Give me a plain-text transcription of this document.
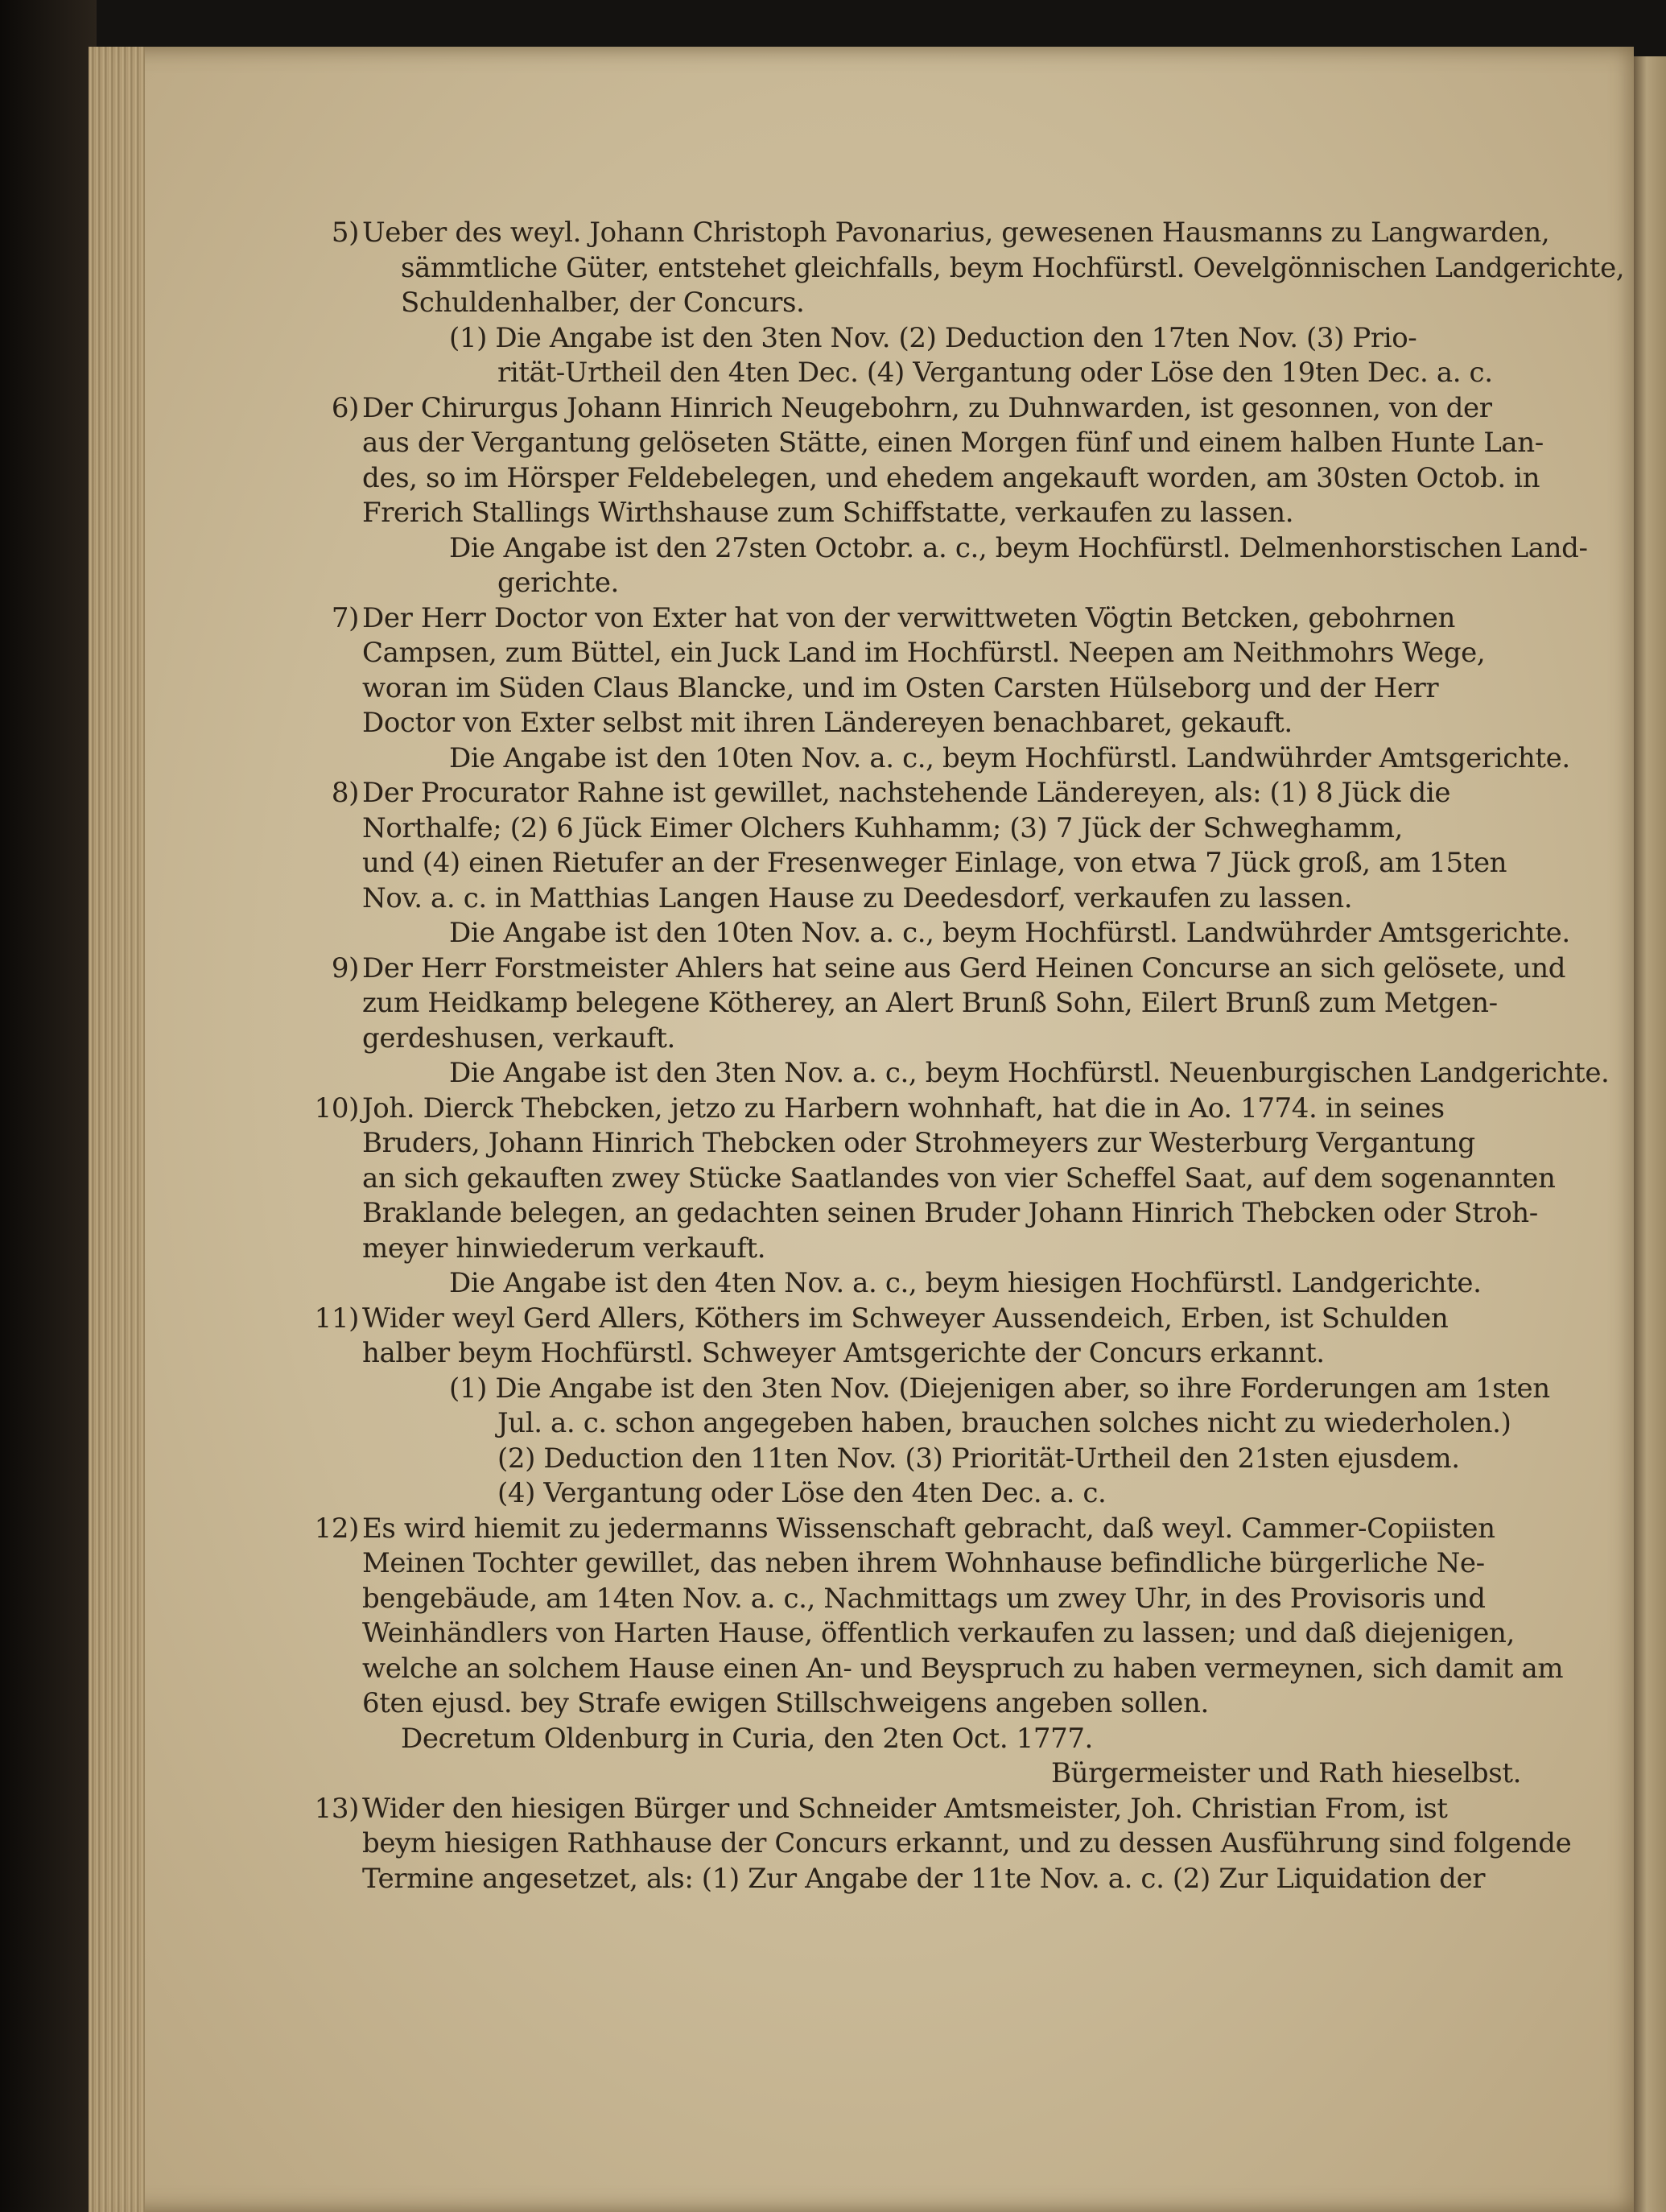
5) Ueber des weyl. Johann Christoph Pavonarius, gewesenen Hausmanns zu Langwarden,
sämmtliche Güter, entstehet gleichfalls, beym Hochfürstl. Oevelgönnischen Landgerichte,
Schuldenhalber, der Concurs.
(1) Die Angabe ist den 3ten Nov. (2) Deduction den 17ten Nov. (3) Prio-
rität-Urtheil den 4ten Dec. (4) Vergantung oder Löse den 19ten Dec. a. c.
6) Der Chirurgus Johann Hinrich Neugebohrn, zu Duhnwarden, ist gesonnen, von der
aus der Vergantung gelöseten Stätte, einen Morgen fünf und einem halben Hunte Lan-
des, so im Hörsper Feldebelegen, und ehedem angekauft worden, am 30sten Octob. in
Frerich Stallings Wirthshause zum Schiffstatte, verkaufen zu lassen.
Die Angabe ist den 27sten Octobr. a. c., beym Hochfürstl. Delmenhorstischen Land-
gerichte.
7) Der Herr Doctor von Exter hat von der verwittweten Vögtin Betcken, gebohrnen
Campsen, zum Büttel, ein Juck Land im Hochfürstl. Neepen am Neithmohrs Wege,
woran im Süden Claus Blancke, und im Osten Carsten Hülseborg und der Herr
Doctor von Exter selbst mit ihren Ländereyen benachbaret, gekauft.
Die Angabe ist den 10ten Nov. a. c., beym Hochfürstl. Landwührder Amtsgerichte.
8) Der Procurator Rahne ist gewillet, nachstehende Ländereyen, als: (1) 8 Jück die
Northalfe; (2) 6 Jück Eimer Olchers Kuhhamm; (3) 7 Jück der Schweghamm,
und (4) einen Rietufer an der Fresenweger Einlage, von etwa 7 Jück groß, am 15ten
Nov. a. c. in Matthias Langen Hause zu Deedesdorf, verkaufen zu lassen.
Die Angabe ist den 10ten Nov. a. c., beym Hochfürstl. Landwührder Amtsgerichte.
9) Der Herr Forstmeister Ahlers hat seine aus Gerd Heinen Concurse an sich gelösete, und
zum Heidkamp belegene Kötherey, an Alert Brunß Sohn, Eilert Brunß zum Metgen-
gerdeshusen, verkauft.
Die Angabe ist den 3ten Nov. a. c., beym Hochfürstl. Neuenburgischen Landgerichte.
10) Joh. Dierck Thebcken, jetzo zu Harbern wohnhaft, hat die in Ao. 1774. in seines
Bruders, Johann Hinrich Thebcken oder Strohmeyers zur Westerburg Vergantung
an sich gekauften zwey Stücke Saatlandes von vier Scheffel Saat, auf dem sogenannten
Braklande belegen, an gedachten seinen Bruder Johann Hinrich Thebcken oder Stroh-
meyer hinwiederum verkauft.
Die Angabe ist den 4ten Nov. a. c., beym hiesigen Hochfürstl. Landgerichte.
11) Wider weyl Gerd Allers, Köthers im Schweyer Aussendeich, Erben, ist Schulden
halber beym Hochfürstl. Schweyer Amtsgerichte der Concurs erkannt.
(1) Die Angabe ist den 3ten Nov. (Diejenigen aber, so ihre Forderungen am 1sten
Jul. a. c. schon angegeben haben, brauchen solches nicht zu wiederholen.)
(2) Deduction den 11ten Nov. (3) Priorität-Urtheil den 21sten ejusdem.
(4) Vergantung oder Löse den 4ten Dec. a. c.
12) Es wird hiemit zu jedermanns Wissenschaft gebracht, daß weyl. Cammer-Copiisten
Meinen Tochter gewillet, das neben ihrem Wohnhause befindliche bürgerliche Ne-
bengebäude, am 14ten Nov. a. c., Nachmittags um zwey Uhr, in des Provisoris und
Weinhändlers von Harten Hause, öffentlich verkaufen zu lassen; und daß diejenigen,
welche an solchem Hause einen An- und Beyspruch zu haben vermeynen, sich damit am
6ten ejusd. bey Strafe ewigen Stillschweigens angeben sollen.
Decretum Oldenburg in Curia, den 2ten Oct. 1777.
Bürgermeister und Rath hieselbst.
13) Wider den hiesigen Bürger und Schneider Amtsmeister, Joh. Christian From, ist
beym hiesigen Rathhause der Concurs erkannt, und zu dessen Ausführung sind folgende
Termine angesetzet, als: (1) Zur Angabe der 11te Nov. a. c. (2) Zur Liquidation der
